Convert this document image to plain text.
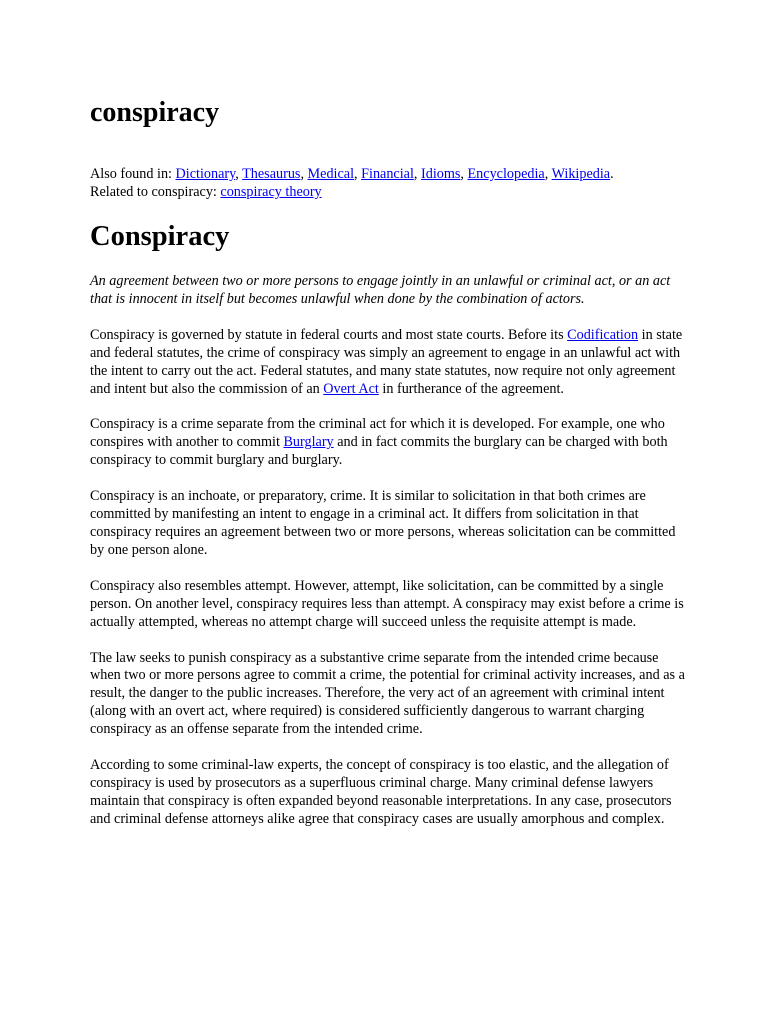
conspiracy
Also found in: Dictionary, Thesaurus, Medical, Financial, Idioms, Encyclopedia, Wikipedia.
Related to conspiracy: conspiracy theory
Conspiracy

An agreement between two or more persons to engage jointly in an unlawful or criminal act, or an act that is innocent in itself but becomes unlawful when done by the combination of actors.

Conspiracy is governed by statute in federal courts and most state courts. Before its Codification in state and federal statutes, the crime of conspiracy was simply an agreement to engage in an unlawful act with the intent to carry out the act. Federal statutes, and many state statutes, now require not only agreement and intent but also the commission of an Overt Act in furtherance of the agreement.

Conspiracy is a crime separate from the criminal act for which it is developed. For example, one who conspires with another to commit Burglary and in fact commits the burglary can be charged with both conspiracy to commit burglary and burglary.

Conspiracy is an inchoate, or preparatory, crime. It is similar to solicitation in that both crimes are committed by manifesting an intent to engage in a criminal act. It differs from solicitation in that conspiracy requires an agreement between two or more persons, whereas solicitation can be committed by one person alone.

Conspiracy also resembles attempt. However, attempt, like solicitation, can be committed by a single person. On another level, conspiracy requires less than attempt. A conspiracy may exist before a crime is actually attempted, whereas no attempt charge will succeed unless the requisite attempt is made.

The law seeks to punish conspiracy as a substantive crime separate from the intended crime because when two or more persons agree to commit a crime, the potential for criminal activity increases, and as a result, the danger to the public increases. Therefore, the very act of an agreement with criminal intent (along with an overt act, where required) is considered sufficiently dangerous to warrant charging conspiracy as an offense separate from the intended crime.

According to some criminal-law experts, the concept of conspiracy is too elastic, and the allegation of conspiracy is used by prosecutors as a superfluous criminal charge. Many criminal defense lawyers maintain that conspiracy is often expanded beyond reasonable interpretations. In any case, prosecutors and criminal defense attorneys alike agree that conspiracy cases are usually amorphous and complex.
